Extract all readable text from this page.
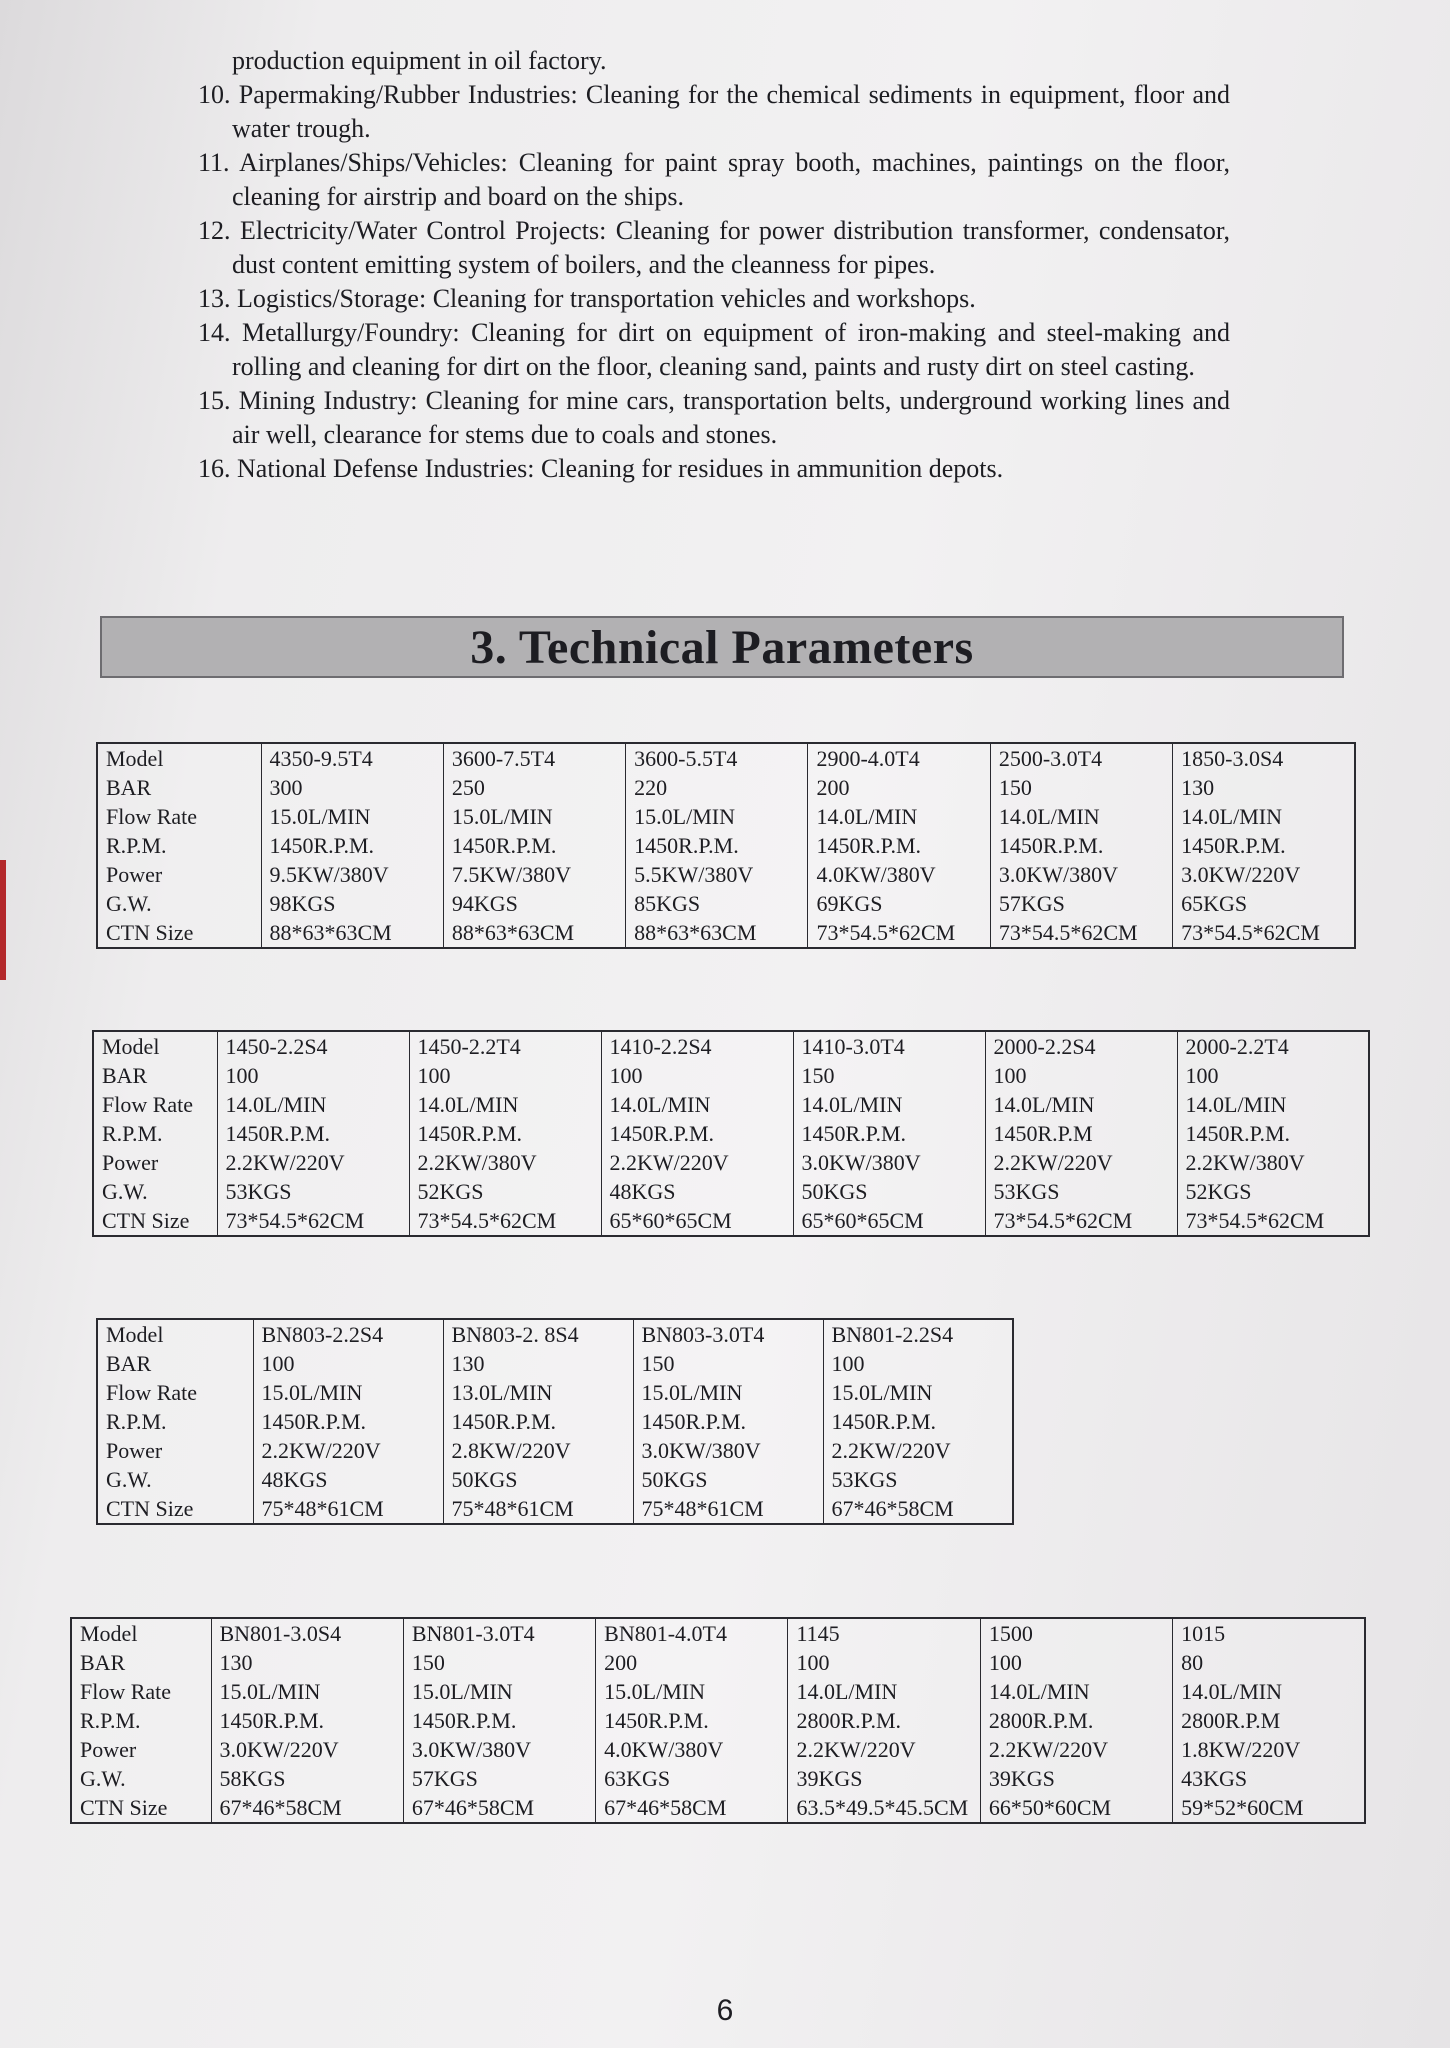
production equipment in oil factory.
10. Papermaking/Rubber Industries: Cleaning for the chemical sediments in equipment, floor and water trough.
11. Airplanes/Ships/Vehicles: Cleaning for paint spray booth, machines, paintings on the floor, cleaning for airstrip and board on the ships.
12. Electricity/Water Control Projects: Cleaning for power distribution transformer, condensator, dust content emitting system of boilers, and the cleanness for pipes.
13. Logistics/Storage: Cleaning for transportation vehicles and workshops.
14. Metallurgy/Foundry: Cleaning for dirt on equipment of iron-making and steel-making and rolling and cleaning for dirt on the floor, cleaning sand, paints and rusty dirt on steel casting.
15. Mining Industry: Cleaning for mine cars, transportation belts, underground working lines and air well, clearance for stems due to coals and stones.
16. National Defense Industries: Cleaning for residues in ammunition depots.
3. Technical Parameters
Model	4350-9.5T4	3600-7.5T4	3600-5.5T4	2900-4.0T4	2500-3.0T4	1850-3.0S4
BAR	300	250	220	200	150	130
Flow Rate	15.0L/MIN	15.0L/MIN	15.0L/MIN	14.0L/MIN	14.0L/MIN	14.0L/MIN
R.P.M.	1450R.P.M.	1450R.P.M.	1450R.P.M.	1450R.P.M.	1450R.P.M.	1450R.P.M.
Power	9.5KW/380V	7.5KW/380V	5.5KW/380V	4.0KW/380V	3.0KW/380V	3.0KW/220V
G.W.	98KGS	94KGS	85KGS	69KGS	57KGS	65KGS
CTN Size	88*63*63CM	88*63*63CM	88*63*63CM	73*54.5*62CM	73*54.5*62CM	73*54.5*62CM
Model	1450-2.2S4	1450-2.2T4	1410-2.2S4	1410-3.0T4	2000-2.2S4	2000-2.2T4
BAR	100	100	100	150	100	100
Flow Rate	14.0L/MIN	14.0L/MIN	14.0L/MIN	14.0L/MIN	14.0L/MIN	14.0L/MIN
R.P.M.	1450R.P.M.	1450R.P.M.	1450R.P.M.	1450R.P.M.	1450R.P.M	1450R.P.M.
Power	2.2KW/220V	2.2KW/380V	2.2KW/220V	3.0KW/380V	2.2KW/220V	2.2KW/380V
G.W.	53KGS	52KGS	48KGS	50KGS	53KGS	52KGS
CTN Size	73*54.5*62CM	73*54.5*62CM	65*60*65CM	65*60*65CM	73*54.5*62CM	73*54.5*62CM
Model	BN803-2.2S4	BN803-2. 8S4	BN803-3.0T4	BN801-2.2S4
BAR	100	130	150	100
Flow Rate	15.0L/MIN	13.0L/MIN	15.0L/MIN	15.0L/MIN
R.P.M.	1450R.P.M.	1450R.P.M.	1450R.P.M.	1450R.P.M.
Power	2.2KW/220V	2.8KW/220V	3.0KW/380V	2.2KW/220V
G.W.	48KGS	50KGS	50KGS	53KGS
CTN Size	75*48*61CM	75*48*61CM	75*48*61CM	67*46*58CM
Model	BN801-3.0S4	BN801-3.0T4	BN801-4.0T4	1145	1500	1015
BAR	130	150	200	100	100	80
Flow Rate	15.0L/MIN	15.0L/MIN	15.0L/MIN	14.0L/MIN	14.0L/MIN	14.0L/MIN
R.P.M.	1450R.P.M.	1450R.P.M.	1450R.P.M.	2800R.P.M.	2800R.P.M.	2800R.P.M
Power	3.0KW/220V	3.0KW/380V	4.0KW/380V	2.2KW/220V	2.2KW/220V	1.8KW/220V
G.W.	58KGS	57KGS	63KGS	39KGS	39KGS	43KGS
CTN Size	67*46*58CM	67*46*58CM	67*46*58CM	63.5*49.5*45.5CM	66*50*60CM	59*52*60CM
6
